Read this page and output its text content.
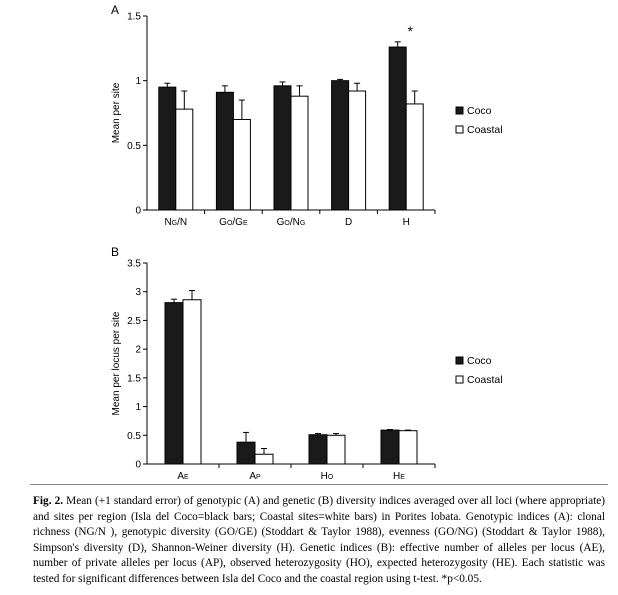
A
0
0.5
1
1.5
Mean per site
NG/N	GO/GE	GO/NG	D	H
*
Coco
Coastal
B
0
0.5
1
1.5
2
2.5
3
3.5
Mean per locus per site
AE	AP	HO	HE
Coco
Coastal
Fig. 2. Mean (+1 standard error) of genotypic (A) and genetic (B) diversity indices averaged over all loci (where appropriate) and sites per region (Isla del Coco=black bars; Coastal sites=white bars) in Porites lobata. Genotypic indices (A): clonal richness (NG/N ), genotypic diversity (GO/GE) (Stoddart & Taylor 1988), evenness (GO/NG) (Stoddart & Taylor 1988), Simpson's diversity (D), Shannon-Weiner diversity (H). Genetic indices (B): effective number of alleles per locus (AE), number of private alleles per locus (AP), observed heterozygosity (HO), expected heterozygosity (HE). Each statistic was tested for significant differences between Isla del Coco and the coastal region using t-test. *p<0.05.
